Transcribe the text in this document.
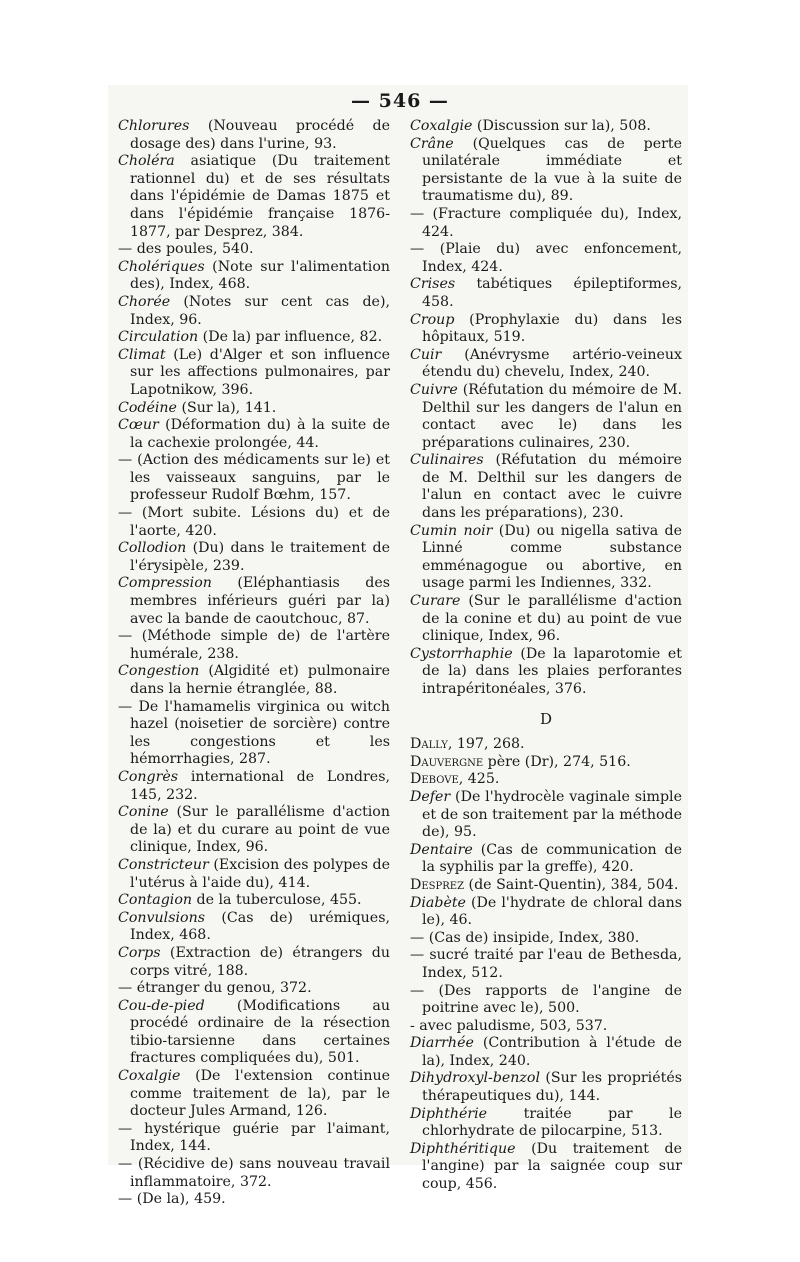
— 546 —
Chlorures (Nouveau procédé de dosage des) dans l'urine, 93.
Choléra asiatique (Du traitement rationnel du) et de ses résultats dans l'épidémie de Damas 1875 et dans l'épidémie française 1876-1877, par Desprez, 384.
— des poules, 540.
Cholériques (Note sur l'alimentation des), Index, 468.
Chorée (Notes sur cent cas de), Index, 96.
Circulation (De la) par influence, 82.
Climat (Le) d'Alger et son influence sur les affections pulmonaires, par Lapotnikow, 396.
Codéine (Sur la), 141.
Cœur (Déformation du) à la suite de la cachexie prolongée, 44.
— (Action des médicaments sur le) et les vaisseaux sanguins, par le professeur Rudolf Bœhm, 157.
— (Mort subite. Lésions du) et de l'aorte, 420.
Collodion (Du) dans le traitement de l'érysipèle, 239.
Compression (Eléphantiasis des membres inférieurs guéri par la) avec la bande de caoutchouc, 87.
— (Méthode simple de) de l'artère humérale, 238.
Congestion (Algidité et) pulmonaire dans la hernie étranglée, 88.
— De l'hamamelis virginica ou witch hazel (noisetier de sorcière) contre les congestions et les hémorrhagies, 287.
Congrès international de Londres, 145, 232.
Conine (Sur le parallélisme d'action de la) et du curare au point de vue clinique, Index, 96.
Constricteur (Excision des polypes de l'utérus à l'aide du), 414.
Contagion de la tuberculose, 455.
Convulsions (Cas de) urémiques, Index, 468.
Corps (Extraction de) étrangers du corps vitré, 188.
— étranger du genou, 372.
Cou-de-pied (Modifications au procédé ordinaire de la résection tibio-tarsienne dans certaines fractures compliquées du), 501.
Coxalgie (De l'extension continue comme traitement de la), par le docteur Jules Armand, 126.
— hystérique guérie par l'aimant, Index, 144.
— (Récidive de) sans nouveau travail inflammatoire, 372.
— (De la), 459.
Coxalgie (Discussion sur la), 508.
Crâne (Quelques cas de perte unilatérale immédiate et persistante de la vue à la suite de traumatisme du), 89.
— (Fracture compliquée du), Index, 424.
— (Plaie du) avec enfoncement, Index, 424.
Crises tabétiques épileptiformes, 458.
Croup (Prophylaxie du) dans les hôpitaux, 519.
Cuir (Anévrysme artério-veineux étendu du) chevelu, Index, 240.
Cuivre (Réfutation du mémoire de M. Delthil sur les dangers de l'alun en contact avec le) dans les préparations culinaires, 230.
Culinaires (Réfutation du mémoire de M. Delthil sur les dangers de l'alun en contact avec le cuivre dans les préparations), 230.
Cumin noir (Du) ou nigella sativa de Linné comme substance emménagogue ou abortive, en usage parmi les Indiennes, 332.
Curare (Sur le parallélisme d'action de la conine et du) au point de vue clinique, Index, 96.
Cystorrhaphie (De la laparotomie et de la) dans les plaies perforantes intrapéritonéales, 376.
D
Dally, 197, 268.
Dauvergne père (Dr), 274, 516.
Debove, 425.
Defer (De l'hydrocèle vaginale simple et de son traitement par la méthode de), 95.
Dentaire (Cas de communication de la syphilis par la greffe), 420.
Desprez (de Saint-Quentin), 384, 504.
Diabète (De l'hydrate de chloral dans le), 46.
— (Cas de) insipide, Index, 380.
— sucré traité par l'eau de Bethesda, Index, 512.
— (Des rapports de l'angine de poitrine avec le), 500.
- avec paludisme, 503, 537.
Diarrhée (Contribution à l'étude de la), Index, 240.
Dihydroxyl-benzol (Sur les propriétés thérapeutiques du), 144.
Diphthérie traitée par le chlorhydrate de pilocarpine, 513.
Diphthéritique (Du traitement de l'angine) par la saignée coup sur coup, 456.
